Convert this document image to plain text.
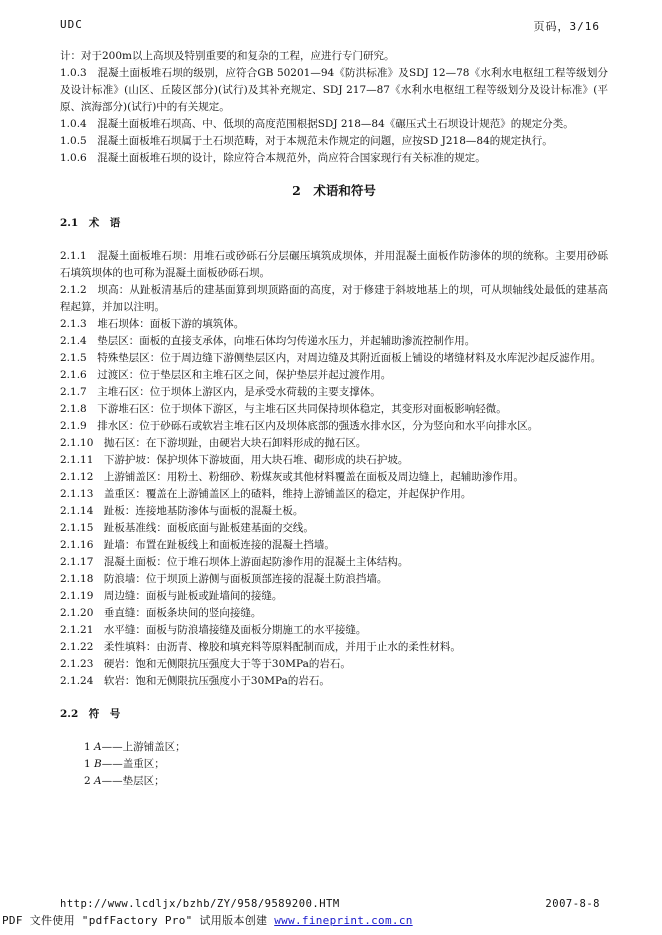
UDC	页码，3/16

计：对于200m以上高坝及特别重要的和复杂的工程，应进行专门研究。

1.0.3　混凝土面板堆石坝的级别，应符合GB 50201—94《防洪标准》及SDJ 12—78《水利水电枢纽工程等级划分及设计标准》(山区、丘陵区部分)(试行)及其补充规定、SDJ 217—87《水利水电枢纽工程等级划分及设计标准》(平原、滨海部分)(试行)中的有关规定。

1.0.4　混凝土面板堆石坝高、中、低坝的高度范围根据SDJ 218—84《碾压式土石坝设计规范》的规定分类。

1.0.5　混凝土面板堆石坝属于土石坝范畴，对于本规范未作规定的问题，应按SD J218—84的规定执行。

1.0.6　混凝土面板堆石坝的设计，除应符合本规范外，尚应符合国家现行有关标准的规定。

2　术语和符号

2.1　术　语

2.1.1　混凝土面板堆石坝：用堆石或砂砾石分层碾压填筑成坝体，并用混凝土面板作防渗体的坝的统称。主要用砂砾石填筑坝体的也可称为混凝土面板砂砾石坝。

2.1.2　坝高：从趾板清基后的建基面算到坝顶路面的高度，对于修建于斜坡地基上的坝，可从坝轴线处最低的建基高程起算，并加以注明。

2.1.3　堆石坝体：面板下游的填筑体。

2.1.4　垫层区：面板的直接支承体，向堆石体均匀传递水压力，并起辅助渗流控制作用。

2.1.5　特殊垫层区：位于周边缝下游侧垫层区内，对周边缝及其附近面板上铺设的堵缝材料及水库泥沙起反滤作用。

2.1.6　过渡区：位于垫层区和主堆石区之间，保护垫层并起过渡作用。

2.1.7　主堆石区：位于坝体上游区内，是承受水荷载的主要支撑体。

2.1.8　下游堆石区：位于坝体下游区，与主堆石区共同保持坝体稳定，其变形对面板影响轻微。

2.1.9　排水区：位于砂砾石或软岩主堆石区内及坝体底部的强透水排水区，分为竖向和水平向排水区。

2.1.10　抛石区：在下游坝趾，由硬岩大块石卸料形成的抛石区。

2.1.11　下游护坡：保护坝体下游坡面，用大块石堆、砌形成的块石护坡。

2.1.12　上游铺盖区：用粉土、粉细砂、粉煤灰或其他材料覆盖在面板及周边缝上，起辅助渗作用。

2.1.13　盖重区：覆盖在上游铺盖区上的碴料，维持上游铺盖区的稳定，并起保护作用。

2.1.14　趾板：连接地基防渗体与面板的混凝土板。

2.1.15　趾板基准线：面板底面与趾板建基面的交线。

2.1.16　趾墙：布置在趾板线上和面板连接的混凝土挡墙。

2.1.17　混凝土面板：位于堆石坝体上游面起防渗作用的混凝土主体结构。

2.1.18　防浪墙：位于坝顶上游侧与面板顶部连接的混凝土防浪挡墙。

2.1.19　周边缝：面板与趾板或趾墙间的接缝。

2.1.20　垂直缝：面板条块间的竖向接缝。

2.1.21　水平缝：面板与防浪墙接缝及面板分期施工的水平接缝。

2.1.22　柔性填料：由沥青、橡胶和填充料等原料配制而成，并用于止水的柔性材料。

2.1.23　硬岩：饱和无侧限抗压强度大于等于30MPa的岩石。

2.1.24　软岩：饱和无侧限抗压强度小于30MPa的岩石。

2.2　符　号

1 A——上游铺盖区；

1 B——盖重区；

2 A——垫层区；

http://www.lcdljx/bzhb/ZY/958/9589200.HTM	2007-8-8
PDF 文件使用 "pdfFactory Pro" 试用版本创建 www.fineprint.com.cn
